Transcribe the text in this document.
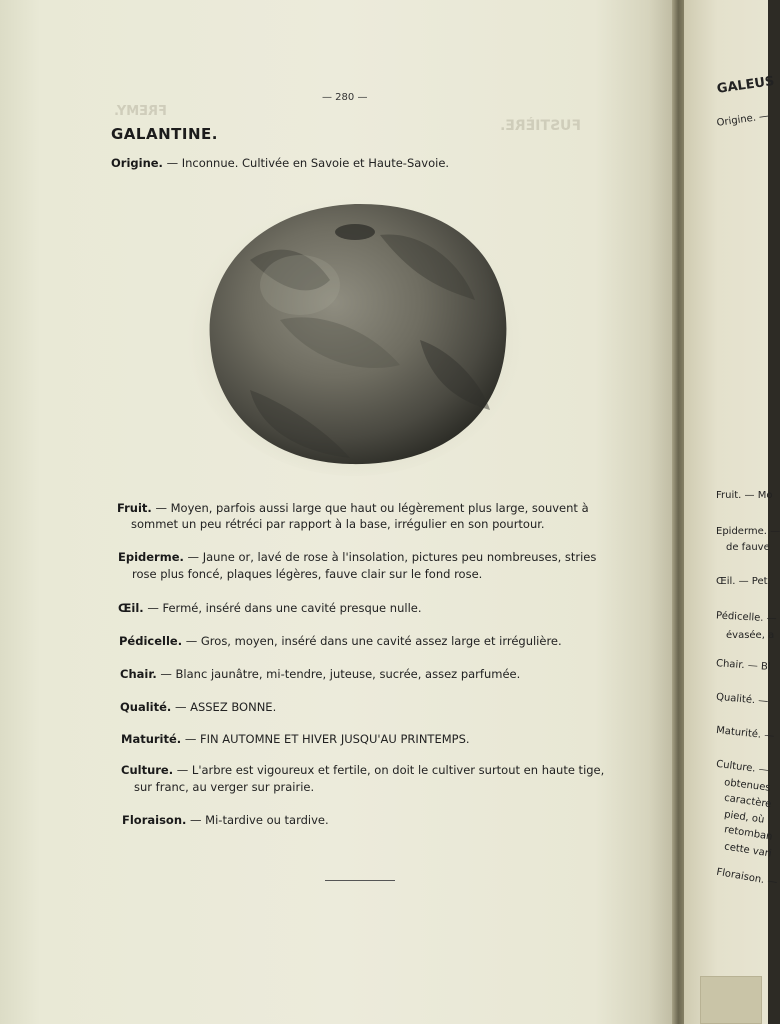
FUSTIÈRE.
FREMY.
— 280 —
GALANTINE.
Origine. — Inconnue. Cultivée en Savoie et Haute-Savoie.
Fruit. — Moyen, parfois aussi large que haut ou légèrement plus large, souvent à
sommet un peu rétréci par rapport à la base, irrégulier en son pourtour.
Epiderme. — Jaune or, lavé de rose à l'insolation, pictures peu nombreuses, stries
rose plus foncé, plaques légères, fauve clair sur le fond rose.
Œil. — Fermé, inséré dans une cavité presque nulle.
Pédicelle. — Gros, moyen, inséré dans une cavité assez large et irrégulière.
Chair. — Blanc jaunâtre, mi-tendre, juteuse, sucrée, assez parfumée.
Qualité. — ASSEZ BONNE.
Maturité. — FIN AUTOMNE ET HIVER JUSQU'AU PRINTEMPS.
Culture. — L'arbre est vigoureux et fertile, on doit le cultiver surtout en haute tige,
sur franc, au verger sur prairie.
Floraison. — Mi-tardive ou tardive.
GALEUS
Origine. —
Fruit. — Mo
Epiderme. —
de fauve
Œil. — Pet
Pédicelle. —
évasée, a
Chair. — Bl
Qualité. —
Maturité. —
Culture. —
obtenues
caractère
pied, où
retomban
cette vari
Floraison. —
